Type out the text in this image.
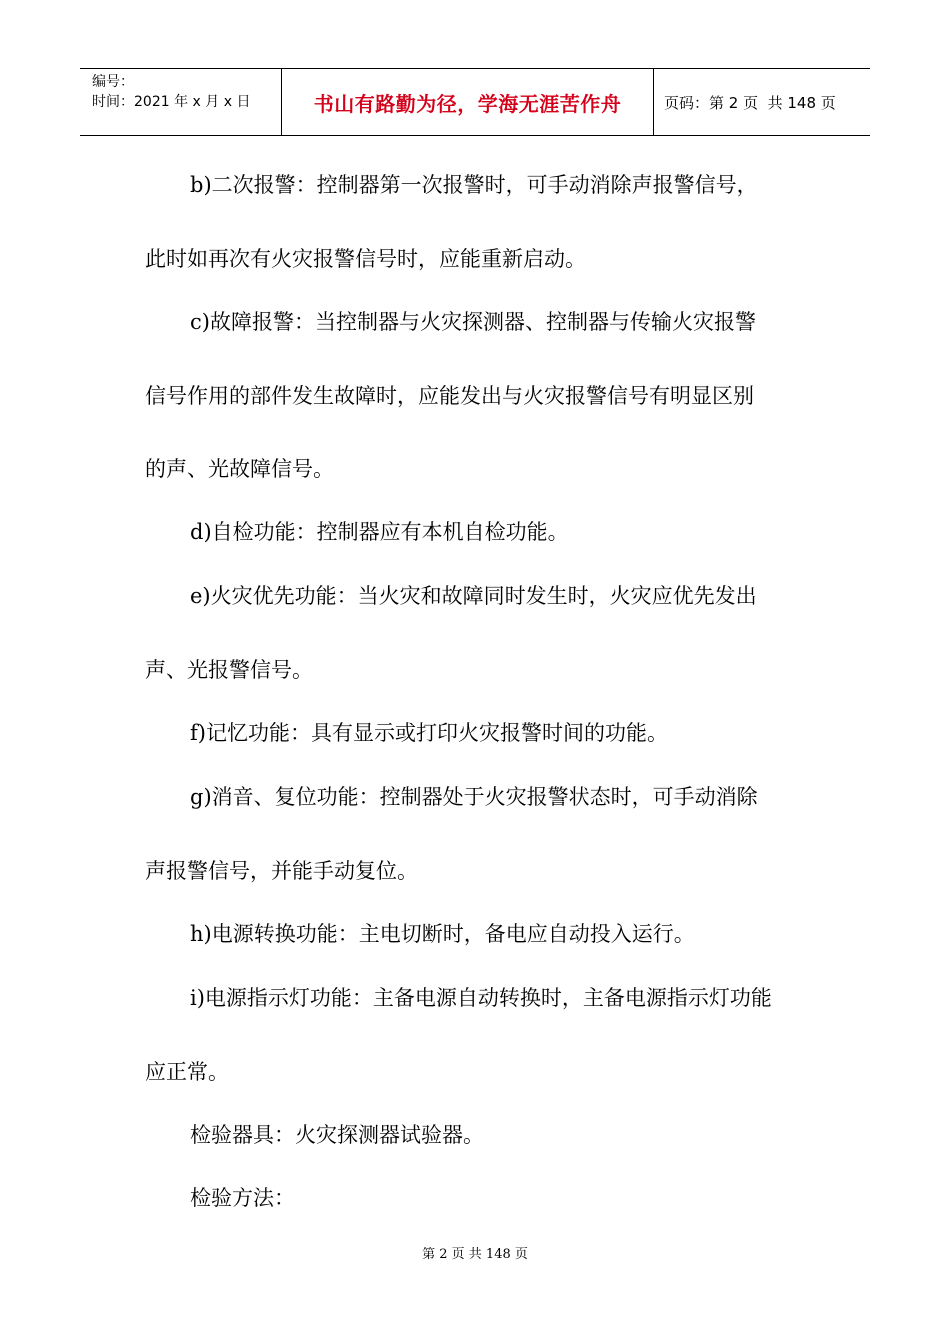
编号：
时间：2021 年 x 月 x 日	书山有路勤为径，学海无涯苦作舟	页码：第 2 页  共 148 页
b)二次报警：控制器第一次报警时，可手动消除声报警信号，
此时如再次有火灾报警信号时，应能重新启动。
c)故障报警：当控制器与火灾探测器、控制器与传输火灾报警
信号作用的部件发生故障时，应能发出与火灾报警信号有明显区别
的声、光故障信号。
d)自检功能：控制器应有本机自检功能。
e)火灾优先功能：当火灾和故障同时发生时，火灾应优先发出
声、光报警信号。
f)记忆功能：具有显示或打印火灾报警时间的功能。
g)消音、复位功能：控制器处于火灾报警状态时，可手动消除
声报警信号，并能手动复位。
h)电源转换功能：主电切断时，备电应自动投入运行。
i)电源指示灯功能：主备电源自动转换时，主备电源指示灯功能
应正常。
检验器具：火灾探测器试验器。
检验方法：
第 2 页 共 148 页
